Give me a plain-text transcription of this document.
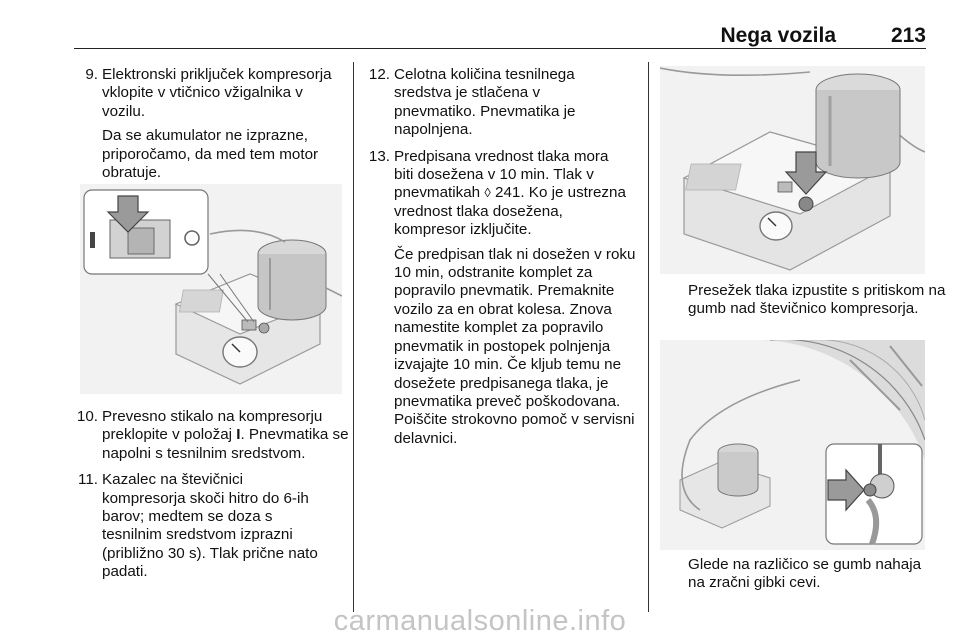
Nega vozila	213
9. Elektronski priključek kompresorja vklopite v vtičnico vžigalnika v vozilu.

Da se akumulator ne izprazne, priporočamo, da med tem motor obratuje.

10. Prevesno stikalo na kompresorju preklopite v položaj I. Pnevmatika se napolni s tesnilnim sredstvom.

11. Kazalec na števičnici kompresorja skoči hitro do 6-ih barov; medtem se doza s tesnilnim sredstvom izprazni (približno 30 s). Tlak prične nato padati.

12. Celotna količina tesnilnega sredstva je stlačena v pnevmatiko. Pnevmatika je napolnjena.

13. Predpisana vrednost tlaka mora biti dosežena v 10 min. Tlak v pnevmatikah ◊ 241. Ko je ustrezna vrednost tlaka dosežena, kompresor izklјučite.

Če predpisan tlak ni dosežen v roku 10 min, odstranite komplet za popravilo pnevmatik. Premaknite vozilo za en obrat kolesa. Znova namestite komplet za popravilo pnevmatik in postopek polnjenja izvajajte 10 min. Če kljub temu ne dosežete predpisanega tlaka, je pnevmatika preveč poškodovana. Poiščite strokovno pomoč v servisni delavnici.

Presežek tlaka izpustite s pritiskom na gumb nad števičnico kompresorja.
Glede na različico se gumb nahaja na zračni gibki cevi.
carmanualsonline.info
